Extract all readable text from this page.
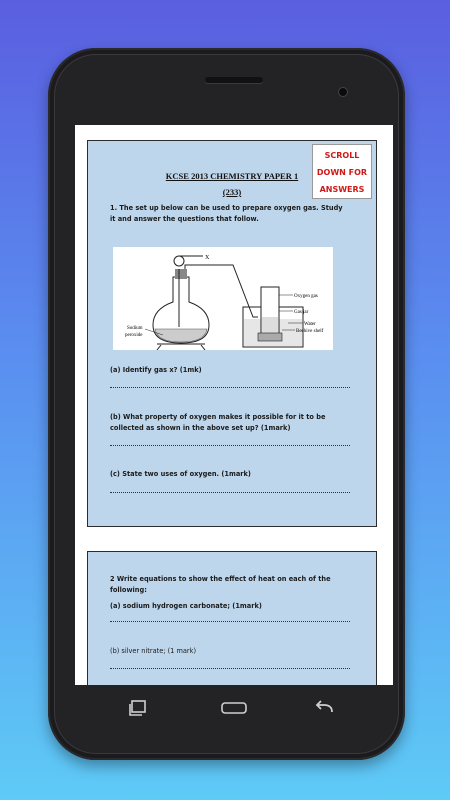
KCSE 2013 CHEMISTRY PAPER 1
(233)
1. The set up below can be used to prepare oxygen gas. Study it and answer the questions that follow.
X
Oxygen gas
Gas jar
Water
Beehive shelf
Sodium
peroxide
(a) Identify gas x? (1mk)
(b) What property of oxygen makes it possible for it to be collected as shown in the above set up? (1mark)
(c) State two uses of oxygen. (1mark)
SCROLL
DOWN FOR
ANSWERS
2 Write equations to show the effect of heat on each of the following:
(a) sodium hydrogen carbonate; (1mark)
(b) silver nitrate; (1 mark)
